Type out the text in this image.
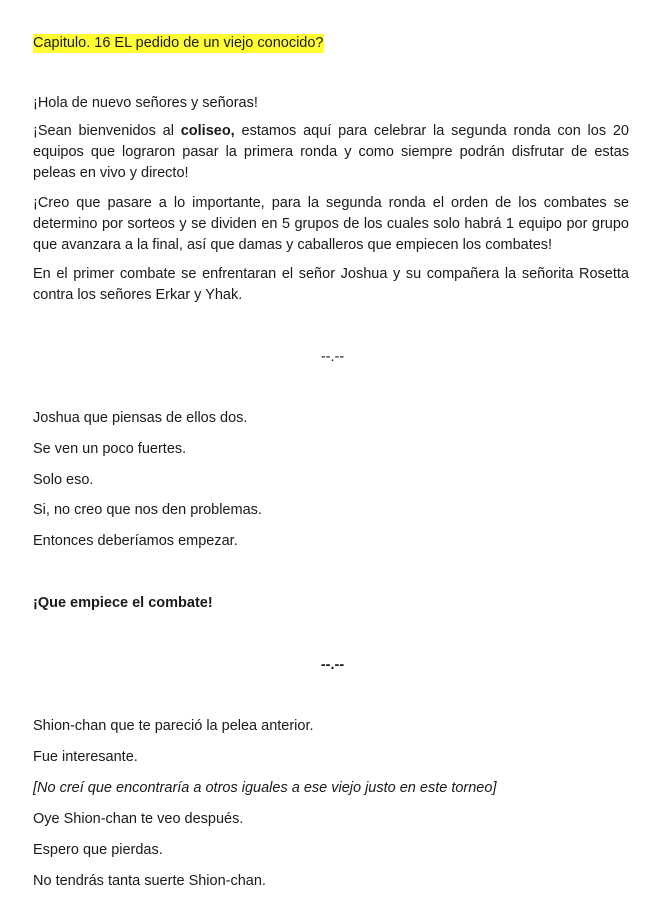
Capitulo. 16 EL pedido de un viejo conocido?
¡Hola de nuevo señores y señoras!
¡Sean bienvenidos al coliseo, estamos aquí para celebrar la segunda ronda con los 20 equipos que lograron pasar la primera ronda y como siempre podrán disfrutar de estas peleas en vivo y directo!
¡Creo que pasare a lo importante, para la segunda ronda el orden de los combates se determino por sorteos y se dividen en 5 grupos de los cuales solo habrá 1 equipo por grupo que avanzara a la final, así que damas y caballeros que empiecen los combates!
En el primer combate se enfrentaran el señor Joshua y su compañera la señorita Rosetta contra los señores Erkar y Yhak.
--.--
Joshua que piensas de ellos dos.
Se ven un poco fuertes.
Solo eso.
Si, no creo que nos den problemas.
Entonces deberíamos empezar.
¡Que empiece el combate!
--.--
Shion-chan que te pareció la pelea anterior.
Fue interesante.
[No creí que encontraría a otros iguales a ese viejo justo en este torneo]
Oye Shion-chan te veo después.
Espero que pierdas.
No tendrás tanta suerte Shion-chan.
